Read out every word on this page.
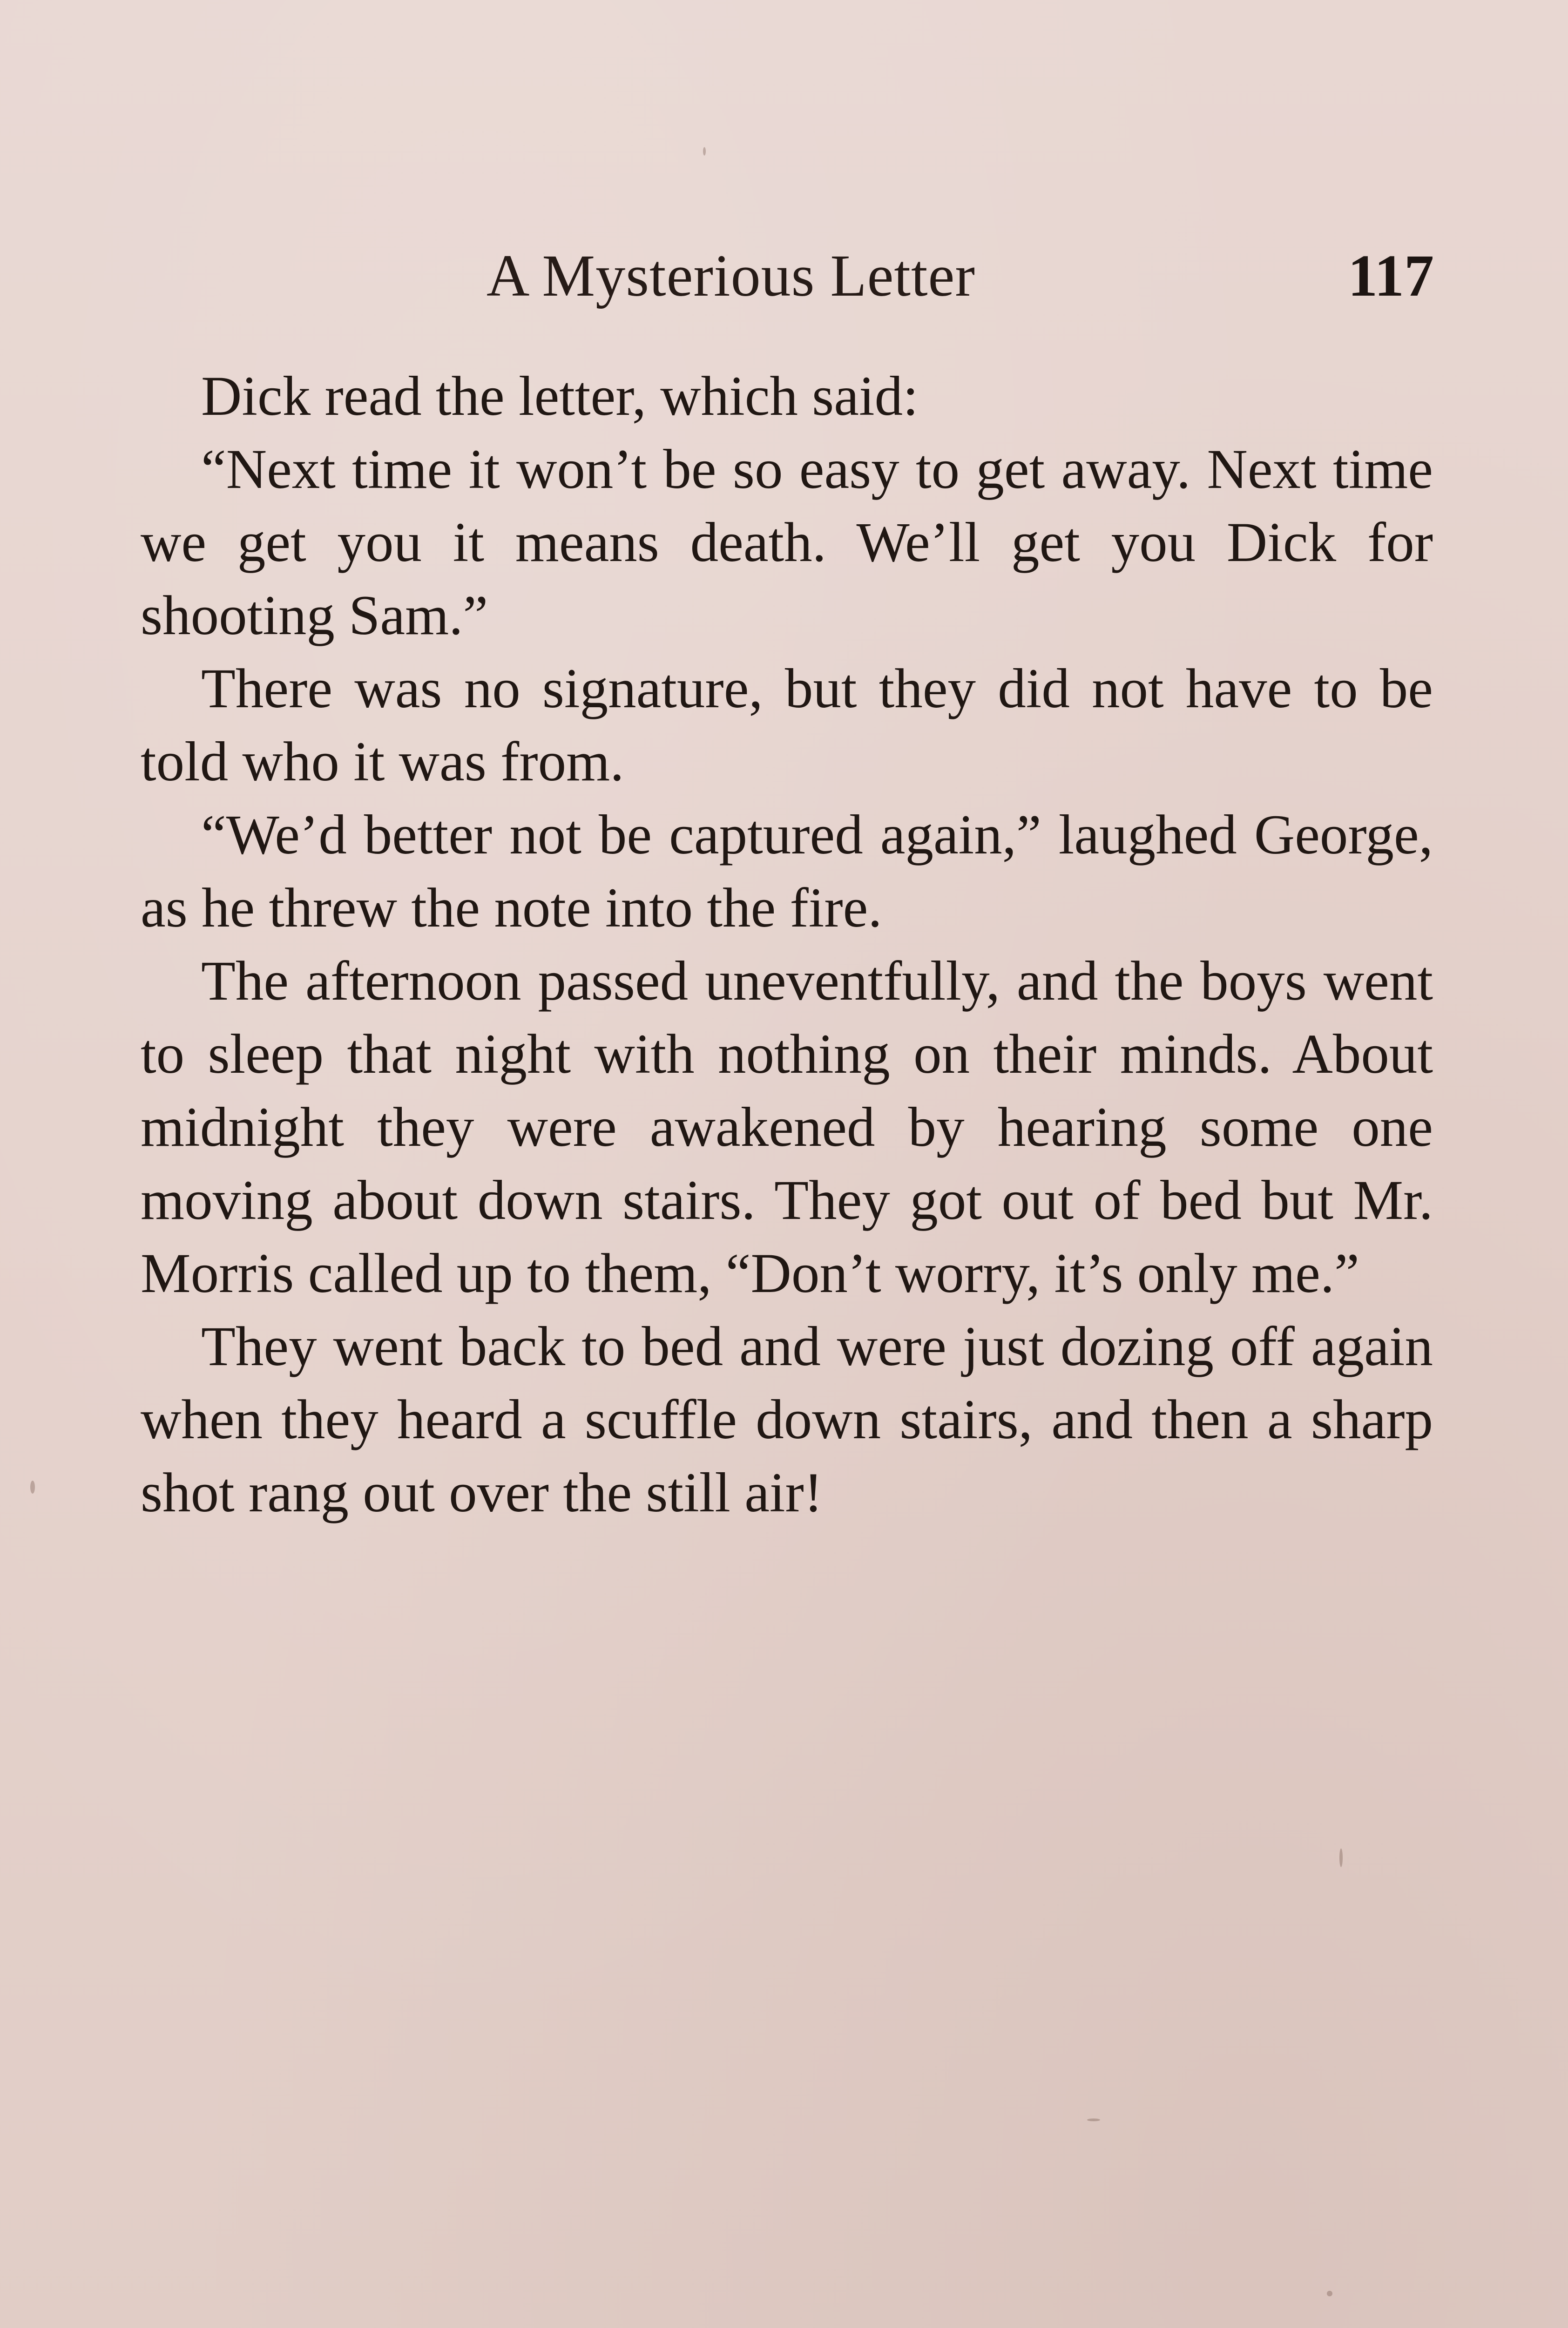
A Mysterious Letter	117

Dick read the letter, which said:

“Next time it won’t be so easy to get away. Next time we get you it means death. We’ll get you Dick for shooting Sam.”

There was no signature, but they did not have to be told who it was from.

“We’d better not be captured again,” laughed George, as he threw the note into the fire.

The afternoon passed uneventfully, and the boys went to sleep that night with nothing on their minds. About midnight they were awakened by hearing some one moving about down stairs. They got out of bed but Mr. Morris called up to them, “Don’t worry, it’s only me.”

They went back to bed and were just dozing off again when they heard a scuffle down stairs, and then a sharp shot rang out over the still air!
